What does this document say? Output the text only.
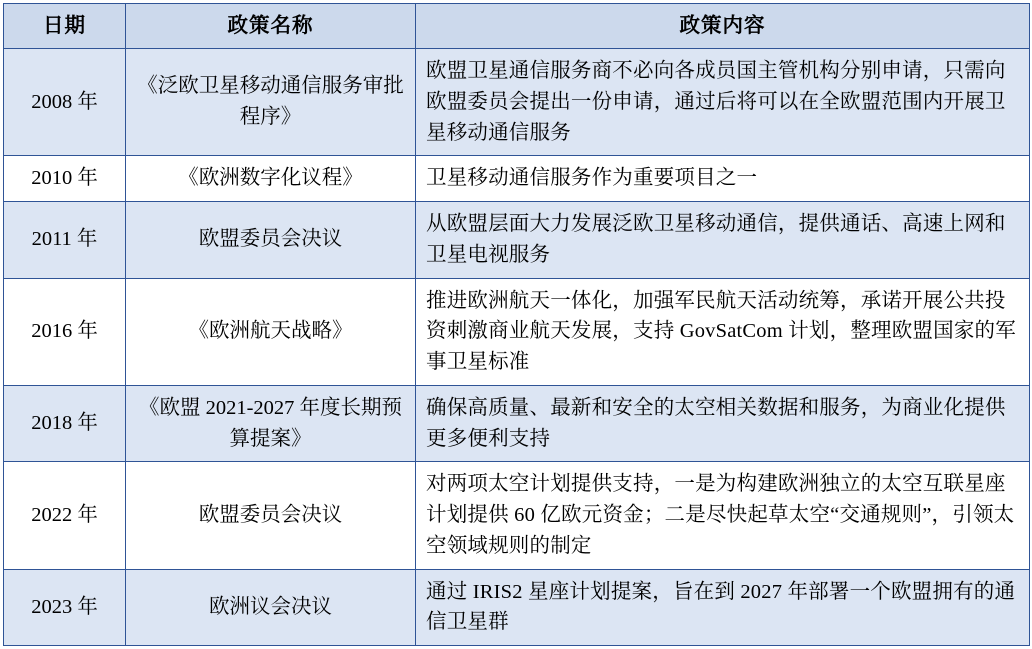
日期	政策名称	政策内容
2008 年	《泛欧卫星移动通信服务审批程序》	欧盟卫星通信服务商不必向各成员国主管机构分别申请，只需向欧盟委员会提出一份申请，通过后将可以在全欧盟范围内开展卫星移动通信服务
2010 年	《欧洲数字化议程》	卫星移动通信服务作为重要项目之一
2011 年	欧盟委员会决议	从欧盟层面大力发展泛欧卫星移动通信，提供通话、高速上网和卫星电视服务
2016 年	《欧洲航天战略》	推进欧洲航天一体化，加强军民航天活动统筹，承诺开展公共投资刺激商业航天发展，支持 GovSatCom 计划，整理欧盟国家的军事卫星标准
2018 年	《欧盟 2021-2027 年度长期预算提案》	确保高质量、最新和安全的太空相关数据和服务，为商业化提供更多便利支持
2022 年	欧盟委员会决议	对两项太空计划提供支持，一是为构建欧洲独立的太空互联星座计划提供 60 亿欧元资金；二是尽快起草太空“交通规则”，引领太空领域规则的制定
2023 年	欧洲议会决议	通过 IRIS2 星座计划提案，旨在到 2027 年部署一个欧盟拥有的通信卫星群
